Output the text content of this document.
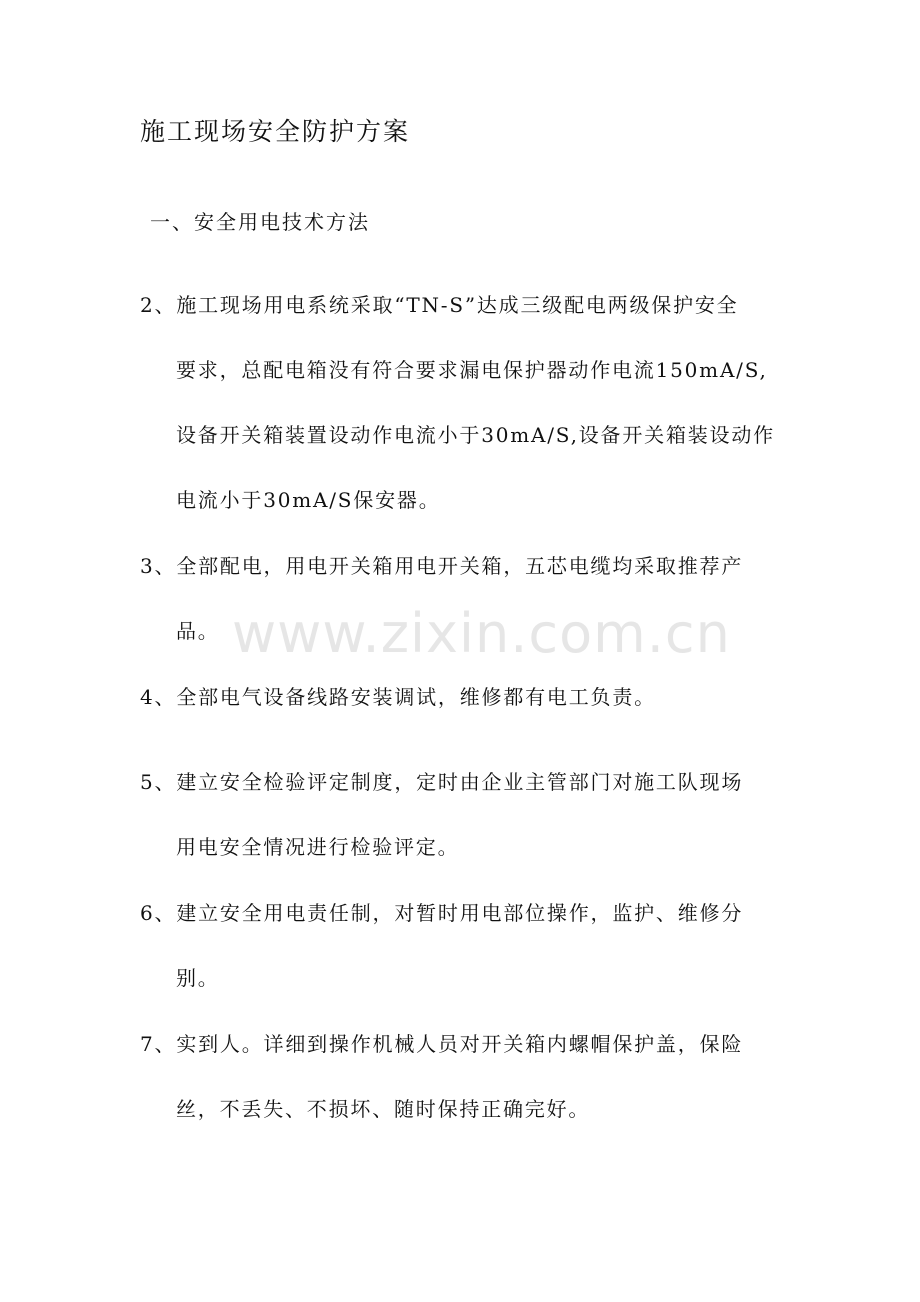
施工现场安全防护方案
一、安全用电技术方法
2、施工现场用电系统采取“TN-S”达成三级配电两级保护安全
要求，总配电箱没有符合要求漏电保护器动作电流150mA/S,
设备开关箱装置设动作电流小于30mA/S,设备开关箱装设动作
电流小于30mA/S保安器。
3、全部配电，用电开关箱用电开关箱，五芯电缆均采取推荐产
品。
4、全部电气设备线路安装调试，维修都有电工负责。
5、建立安全检验评定制度，定时由企业主管部门对施工队现场
用电安全情况进行检验评定。
6、建立安全用电责任制，对暂时用电部位操作，监护、维修分
别。
7、实到人。详细到操作机械人员对开关箱内螺帽保护盖，保险
丝，不丢失、不损坏、随时保持正确完好。
www.zixin.com.cn
